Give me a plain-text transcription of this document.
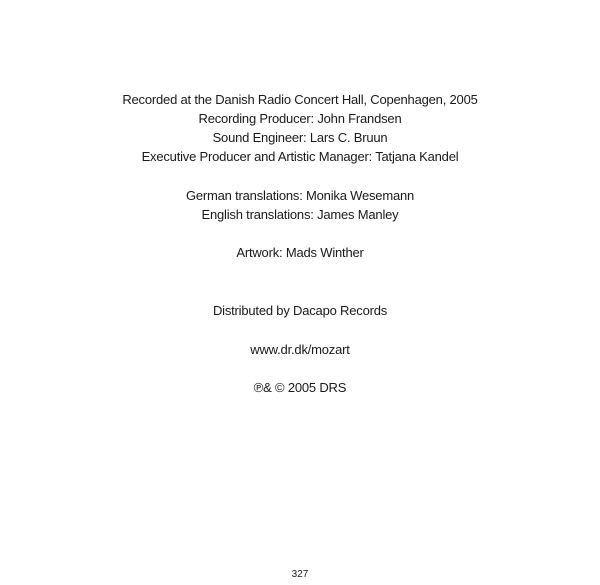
Recorded at the Danish Radio Concert Hall, Copenhagen, 2005
Recording Producer: John Frandsen
Sound Engineer: Lars C. Bruun
Executive Producer and Artistic Manager: Tatjana Kandel
German translations: Monika Wesemann
English translations: James Manley
Artwork: Mads Winther
Distributed by Dacapo Records
www.dr.dk/mozart
℗& © 2005 DRS
327
